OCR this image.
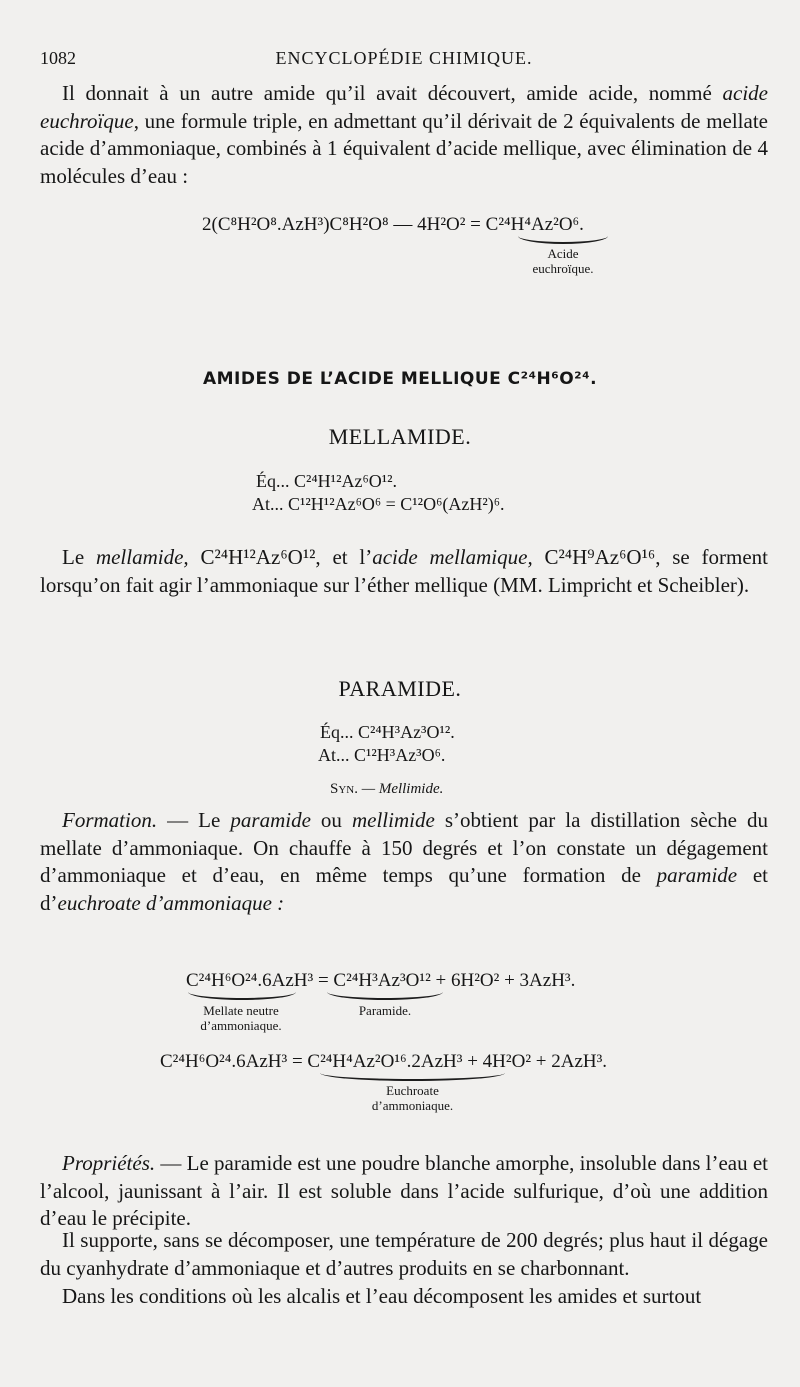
1082	ENCYCLOPÉDIE CHIMIQUE.

Il donnait à un autre amide qu’il avait découvert, amide acide, nommé acide euchroïque, une formule triple, en admettant qu’il dérivait de 2 équivalents de mellate acide d’ammoniaque, combinés à 1 équivalent d’acide mellique, avec élimination de 4 molécules d’eau :

2(C⁸H²O⁸.AzH³)C⁸H²O⁸ — 4H²O² = C²⁴H⁴Az²O⁶.
Acide
euchroïque.
AMIDES DE L’ACIDE MELLIQUE C²⁴H⁶O²⁴.
MELLAMIDE.
Éq... C²⁴H¹²Az⁶O¹².
At... C¹²H¹²Az⁶O⁶ = C¹²O⁶(AzH²)⁶.

Le mellamide, C²⁴H¹²Az⁶O¹², et l’acide mellamique, C²⁴H⁹Az⁶O¹⁶, se forment lorsqu’on fait agir l’ammoniaque sur l’éther mellique (MM. Limpricht et Scheibler).

PARAMIDE.
Éq... C²⁴H³Az³O¹².
At... C¹²H³Az³O⁶.
Syn. — Mellimide.

Formation. — Le paramide ou mellimide s’obtient par la distillation sèche du mellate d’ammoniaque. On chauffe à 150 degrés et l’on constate un dégagement d’ammoniaque et d’eau, en même temps qu’une formation de paramide et d’euchroate d’ammoniaque :

C²⁴H⁶O²⁴.6AzH³ = C²⁴H³Az³O¹² + 6H²O² + 3AzH³.
Mellate neutre
d’ammoniaque.
Paramide.
C²⁴H⁶O²⁴.6AzH³ = C²⁴H⁴Az²O¹⁶.2AzH³ + 4H²O² + 2AzH³.
Euchroate
d’ammoniaque.

Propriétés. — Le paramide est une poudre blanche amorphe, insoluble dans l’eau et l’alcool, jaunissant à l’air. Il est soluble dans l’acide sulfurique, d’où une addition d’eau le précipite.

Il supporte, sans se décomposer, une température de 200 degrés; plus haut il dégage du cyanhydrate d’ammoniaque et d’autres produits en se charbonnant.

Dans les conditions où les alcalis et l’eau décomposent les amides et surtout
